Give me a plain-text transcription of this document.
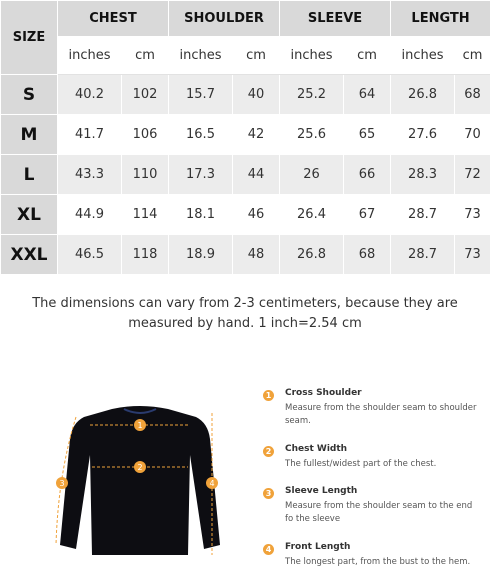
SIZE	CHEST		SHOULDER		SLEEVE		LENGTH	
	inches	cm	inches	cm	inches	cm	inches	cm
S	40.2	102	15.7	40	25.2	64	26.8	68
M	41.7	106	16.5	42	25.6	65	27.6	70
L	43.3	110	17.3	44	26	66	28.3	72
XL	44.9	114	18.1	46	26.4	67	28.7	73
XXL	46.5	118	18.9	48	26.8	68	28.7	73
The dimensions can vary from 2-3 centimeters, because they are measured by hand. 1 inch=2.54 cm
1
2
3	4
1	Cross Shoulder
Measure from the shoulder seam to shoulder seam.
2	Chest Width
The fullest/widest part of the chest.
3	Sleeve Length
Measure from the shoulder seam to the end fo the sleeve
4	Front Length
The longest part, from the bust to the hem.
